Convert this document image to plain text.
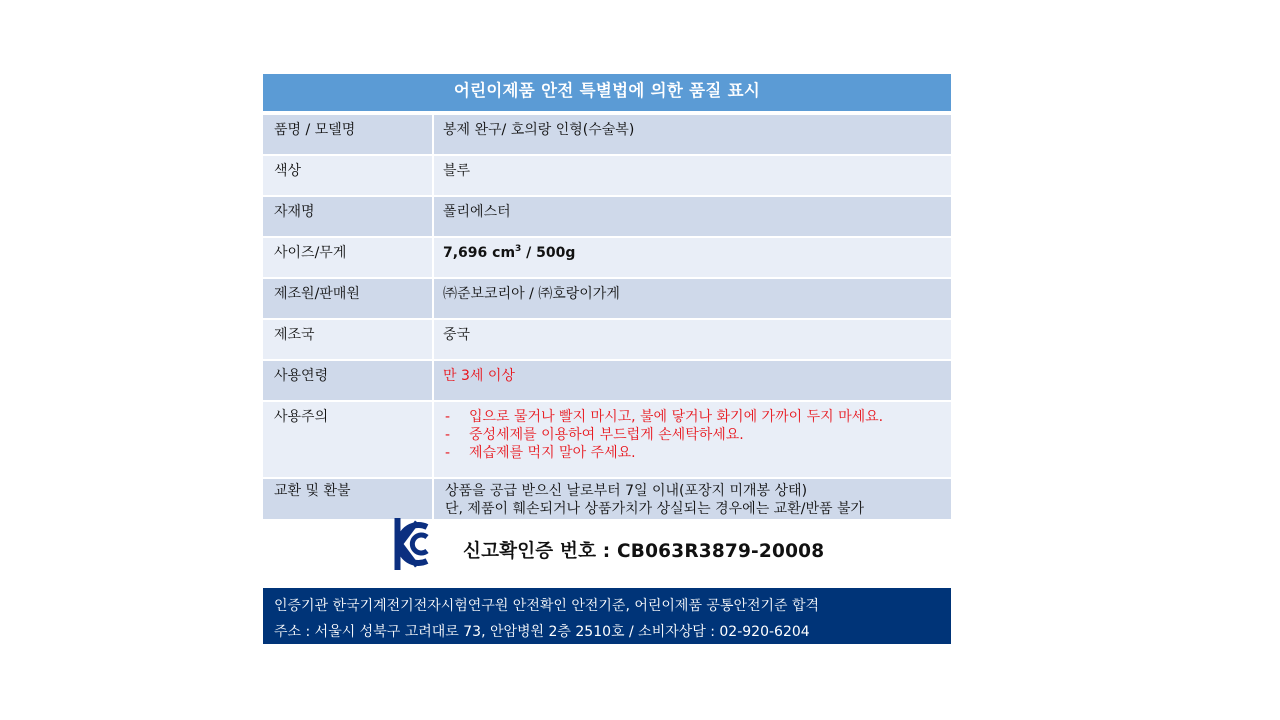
어린이제품 안전 특별법에 의한 품질 표시
품명 / 모델명	봉제 완구/ 호의랑 인형(수술복)
색상	블루
자재명	폴리에스터
사이즈/무게	7,696 $cm^3 / 500g$
제조원/판매원	㈜준보코리아 / ㈜호랑이가게
제조국	중국
사용연령	만 3세 이상
사용주의	- 입으로 물거나 빨지 마시고, 불에 닿거나 화기에 가까이 두지 마세요.
- 중성세제를 이용하여 부드럽게 손세탁하세요.
- 제습제를 먹지 말아 주세요.

교환 및 환불	상품을 공급 받으신 날로부터 7일 이내(포장지 미개봉 상태)
단, 제품이 훼손되거나 상품가치가 상실되는 경우에는 교환/반품 불가
신고확인증 번호 : CB063R3879-20008
인증기관 한국기계전기전자시험연구원 안전확인 안전기준, 어린이제품 공통안전기준 합격
주소 : 서울시 성북구 고려대로 73, 안암병원 2층 2510호 / 소비자상담 : 02-920-6204
